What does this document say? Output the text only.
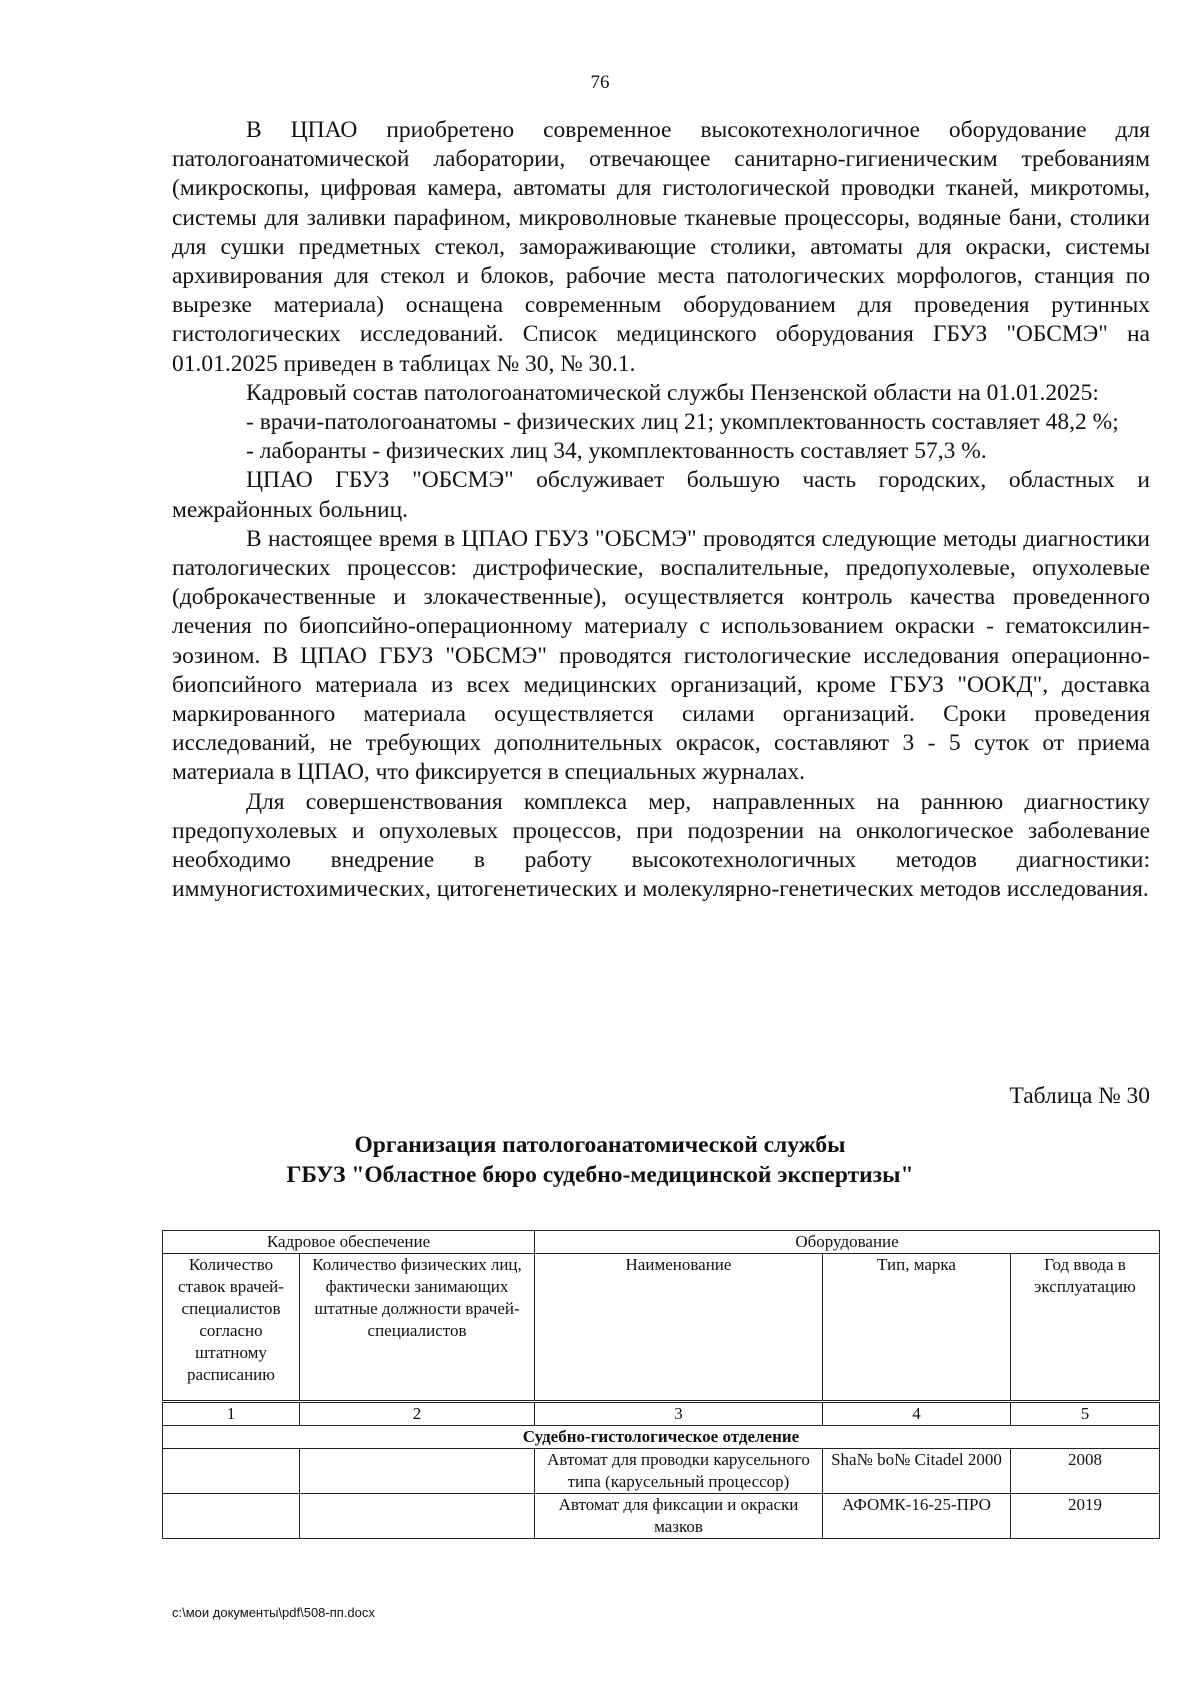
76

В ЦПАО приобретено современное высокотехнологичное оборудование для патологоанатомической лаборатории, отвечающее санитарно-гигиеническим требованиям (микроскопы, цифровая камера, автоматы для гистологической проводки тканей, микротомы, системы для заливки парафином, микроволновые тканевые процессоры, водяные бани, столики для сушки предметных стекол, замораживающие столики, автоматы для окраски, системы архивирования для стекол и блоков, рабочие места патологических морфологов, станция по вырезке материала) оснащена современным оборудованием для проведения рутинных гистологических исследований. Список медицинского оборудования ГБУЗ "ОБСМЭ" на 01.01.2025 приведен в таблицах № 30, № 30.1.

Кадровый состав патологоанатомической службы Пензенской области на 01.01.2025:

- врачи-патологоанатомы - физических лиц 21; укомплектованность составляет 48,2 %;

- лаборанты - физических лиц 34, укомплектованность составляет 57,3 %.

ЦПАО ГБУЗ "ОБСМЭ" обслуживает большую часть городских, областных и межрайонных больниц.

В настоящее время в ЦПАО ГБУЗ "ОБСМЭ" проводятся следующие методы диагностики патологических процессов: дистрофические, воспалительные, предопухолевые, опухолевые (доброкачественные и злокачественные), осуществляется контроль качества проведенного лечения по биопсийно-операционному материалу с использованием окраски - гематоксилин-эозином. В ЦПАО ГБУЗ "ОБСМЭ" проводятся гистологические исследования операционно-биопсийного материала из всех медицинских организаций, кроме ГБУЗ "ООКД", доставка маркированного материала осуществляется силами организаций. Сроки проведения исследований, не требующих дополнительных окрасок, составляют 3 - 5 суток от приема материала в ЦПАО, что фиксируется в специальных журналах.

Для совершенствования комплекса мер, направленных на раннюю диагностику предопухолевых и опухолевых процессов, при подозрении на онкологическое заболевание необходимо внедрение в работу высокотехнологичных методов диагностики: иммуногистохимических, цитогенетических и молекулярно-генетических методов исследования.

Таблица № 30
Организация патологоанатомической службы
ГБУЗ "Областное бюро судебно-медицинской экспертизы"
Кадровое обеспечение		Оборудование		
Количество ставок врачей-специалистов согласно штатному расписанию	Количество физических лиц, фактически занимающих штатные должности врачей-специалистов	Наименование	Тип, марка	Год ввода в эксплуатацию
1	2	3	4	5
Судебно-гистологическое отделение				
		Автомат для проводки карусельного типа (карусельный процессор)	Sha№ bo№ Citadel 2000	2008
		Автомат для фиксации и окраски мазков	АФОМК-16-25-ПРО	2019
c:\мои документы\pdf\508-пп.docx
